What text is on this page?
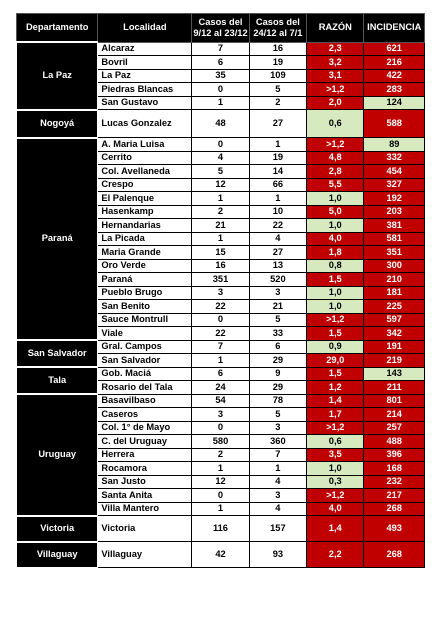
Departamento	Localidad	Casos del 9/12 al 23/12	Casos del 24/12 al 7/1	RAZÓN	INCIDENCIA
La Paz	Alcaraz	7	16	2,3	621
	Bovril	6	19	3,2	216
	La Paz	35	109	3,1	422
	Piedras Blancas	0	5	>1,2	283
	San Gustavo	1	2	2,0	124
Nogoyá	Lucas Gonzalez	48	27	0,6	588
Paraná	A. Maria Luisa	0	1	>1,2	89
	Cerrito	4	19	4,8	332
	Col. Avellaneda	5	14	2,8	454
	Crespo	12	66	5,5	327
	El Palenque	1	1	1,0	192
	Hasenkamp	2	10	5,0	203
	Hernandarias	21	22	1,0	381
	La Picada	1	4	4,0	581
	Maria Grande	15	27	1,8	351
	Oro Verde	16	13	0,8	300
	Paraná	351	520	1,5	210
	Pueblo Brugo	3	3	1,0	181
	San Benito	22	21	1,0	225
	Sauce Montrull	0	5	>1,2	597
	Viale	22	33	1,5	342
San Salvador	Gral. Campos	7	6	0,9	191
	San Salvador	1	29	29,0	219
Tala	Gob. Maciá	6	9	1,5	143
	Rosario del Tala	24	29	1,2	211
Uruguay	Basavilbaso	54	78	1,4	801
	Caseros	3	5	1,7	214
	Col. 1° de Mayo	0	3	>1,2	257
	C. del Uruguay	580	360	0,6	488
	Herrera	2	7	3,5	396
	Rocamora	1	1	1,0	168
	San Justo	12	4	0,3	232
	Santa Anita	0	3	>1,2	217
	Villa Mantero	1	4	4,0	268
Victoria	Victoria	116	157	1,4	493
Villaguay	Villaguay	42	93	2,2	268
